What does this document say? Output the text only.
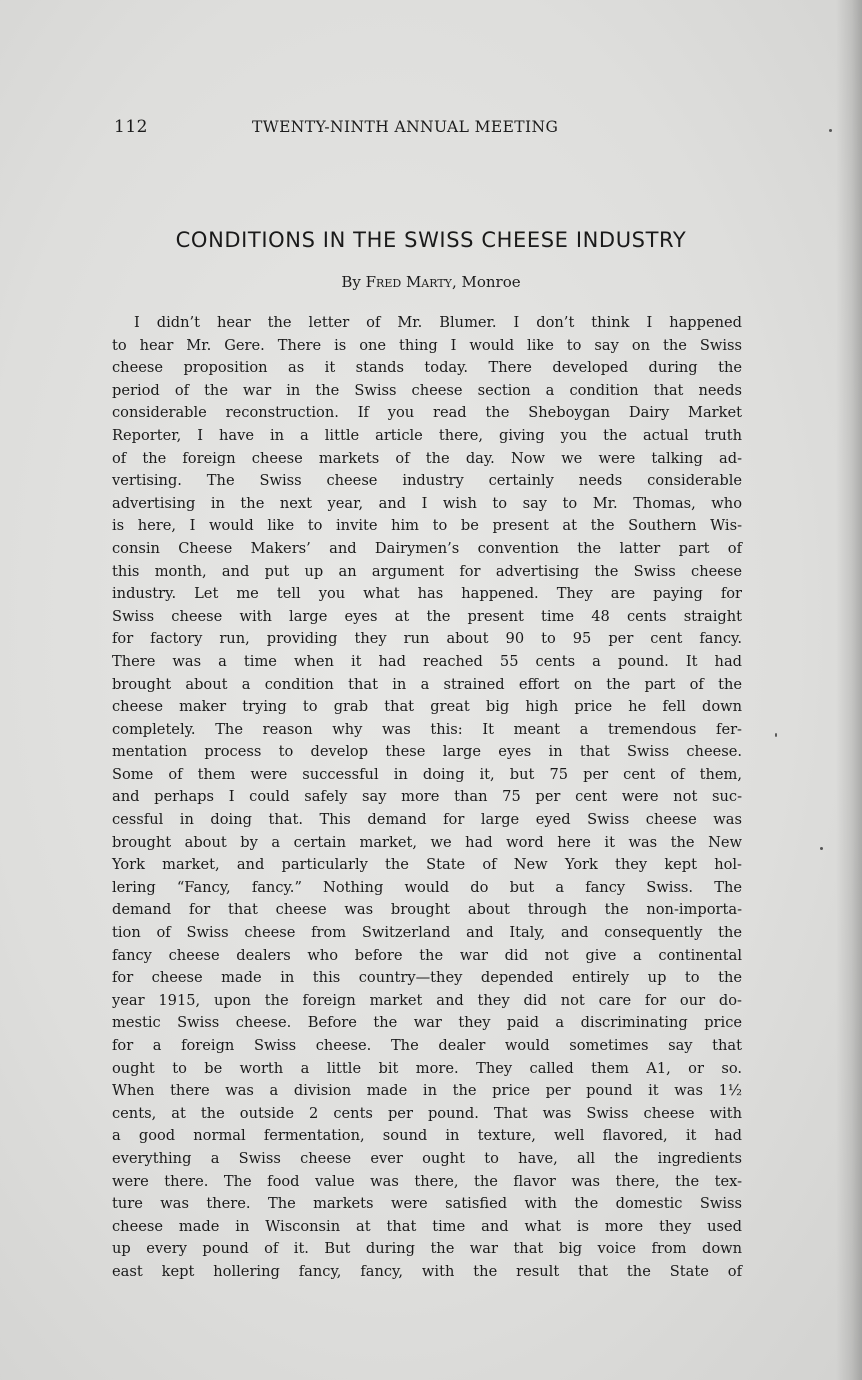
112	TWENTY-NINTH ANNUAL MEETING
CONDITIONS IN THE SWISS CHEESE INDUSTRY
By Fred Marty, Monroe
I didn’t hear the letter of Mr. Blumer. I don’t think I happened
to hear Mr. Gere. There is one thing I would like to say on the Swiss
cheese proposition as it stands today. There developed during the
period of the war in the Swiss cheese section a condition that needs
considerable reconstruction. If you read the Sheboygan Dairy Market
Reporter, I have in a little article there, giving you the actual truth
of the foreign cheese markets of the day. Now we were talking ad-
vertising. The Swiss cheese industry certainly needs considerable
advertising in the next year, and I wish to say to Mr. Thomas, who
is here, I would like to invite him to be present at the Southern Wis-
consin Cheese Makers’ and Dairymen’s convention the latter part of
this month, and put up an argument for advertising the Swiss cheese
industry. Let me tell you what has happened. They are paying for
Swiss cheese with large eyes at the present time 48 cents straight
for factory run, providing they run about 90 to 95 per cent fancy.
There was a time when it had reached 55 cents a pound. It had
brought about a condition that in a strained effort on the part of the
cheese maker trying to grab that great big high price he fell down
completely. The reason why was this: It meant a tremendous fer-
mentation process to develop these large eyes in that Swiss cheese.
Some of them were successful in doing it, but 75 per cent of them,
and perhaps I could safely say more than 75 per cent were not suc-
cessful in doing that. This demand for large eyed Swiss cheese was
brought about by a certain market, we had word here it was the New
York market, and particularly the State of New York they kept hol-
lering “Fancy, fancy.” Nothing would do but a fancy Swiss. The
demand for that cheese was brought about through the non-importa-
tion of Swiss cheese from Switzerland and Italy, and consequently the
fancy cheese dealers who before the war did not give a continental
for cheese made in this country—they depended entirely up to the
year 1915, upon the foreign market and they did not care for our do-
mestic Swiss cheese. Before the war they paid a discriminating price
for a foreign Swiss cheese. The dealer would sometimes say that
ought to be worth a little bit more. They called them A1, or so.
When there was a division made in the price per pound it was 1½
cents, at the outside 2 cents per pound. That was Swiss cheese with
a good normal fermentation, sound in texture, well flavored, it had
everything a Swiss cheese ever ought to have, all the ingredients
were there. The food value was there, the flavor was there, the tex-
ture was there. The markets were satisfied with the domestic Swiss
cheese made in Wisconsin at that time and what is more they used
up every pound of it. But during the war that big voice from down
east kept hollering fancy, fancy, with the result that the State of
